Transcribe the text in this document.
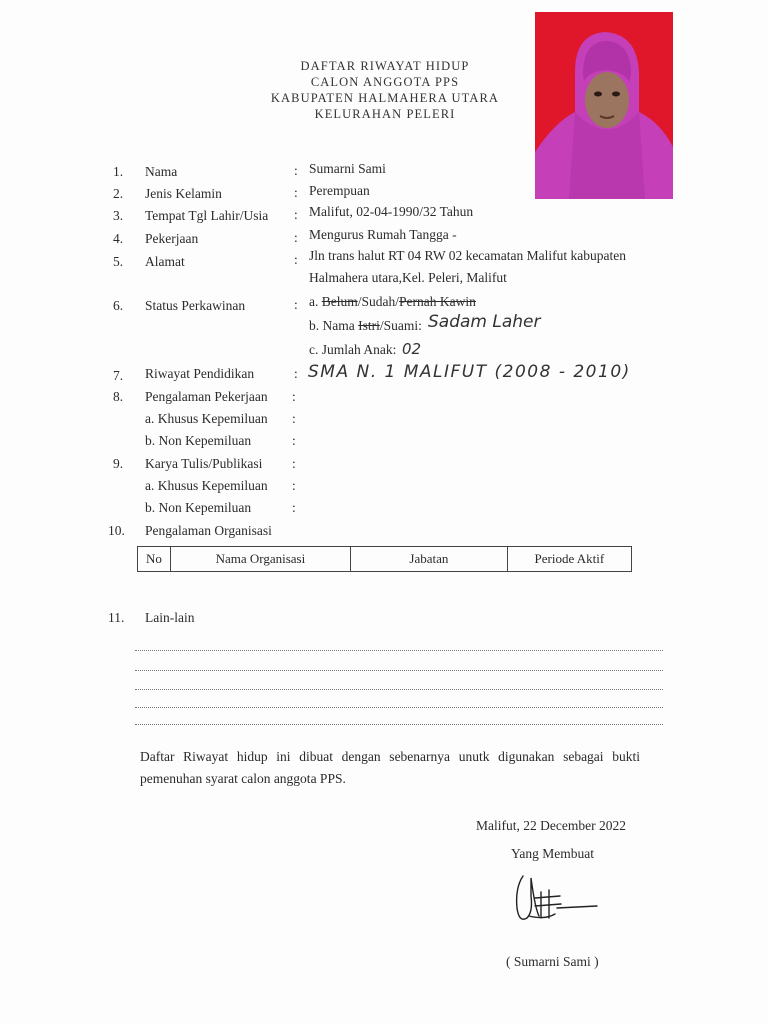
DAFTAR RIWAYAT HIDUP
CALON ANGGOTA PPS
KABUPATEN HALMAHERA UTARA
KELURAHAN PELERI
1. Nama	: Sumarni Sami
2. Jenis Kelamin	: Perempuan
3. Tempat Tgl Lahir/Usia : Malifut, 02-04-1990/32 Tahun
4. Pekerjaan	: Mengurus Rumah Tangga -
5. Alamat	: Jln trans halut RT 04 RW 02 kecamatan Malifut kabupaten
Halmahera utara,Kel. Peleri, Malifut
6. Status Perkawinan	: a. Belum/Sudah/Pernah Kawin
b. Nama Istri/Suami: Sadam Laher
c. Jumlah Anak: 02
7. Riwayat Pendidikan	: SMA N. 1 MALIFUT (2008 - 2010)
8. Pengalaman Pekerjaan :
a. Khusus Kepemiluan :
b. Non Kepemiluan	:
9. Karya Tulis/Publikasi :
a. Khusus Kepemiluan :
b. Non Kepemiluan	:
10. Pengalaman Organisasi
No	Nama Organisasi	Jabatan	Periode Aktif
11. Lain-lain
Daftar Riwayat hidup ini dibuat dengan sebenarnya unutk digunakan sebagai bukti pemenuhan syarat calon anggota PPS.
Malifut, 22 December 2022
Yang Membuat
( Sumarni Sami )
